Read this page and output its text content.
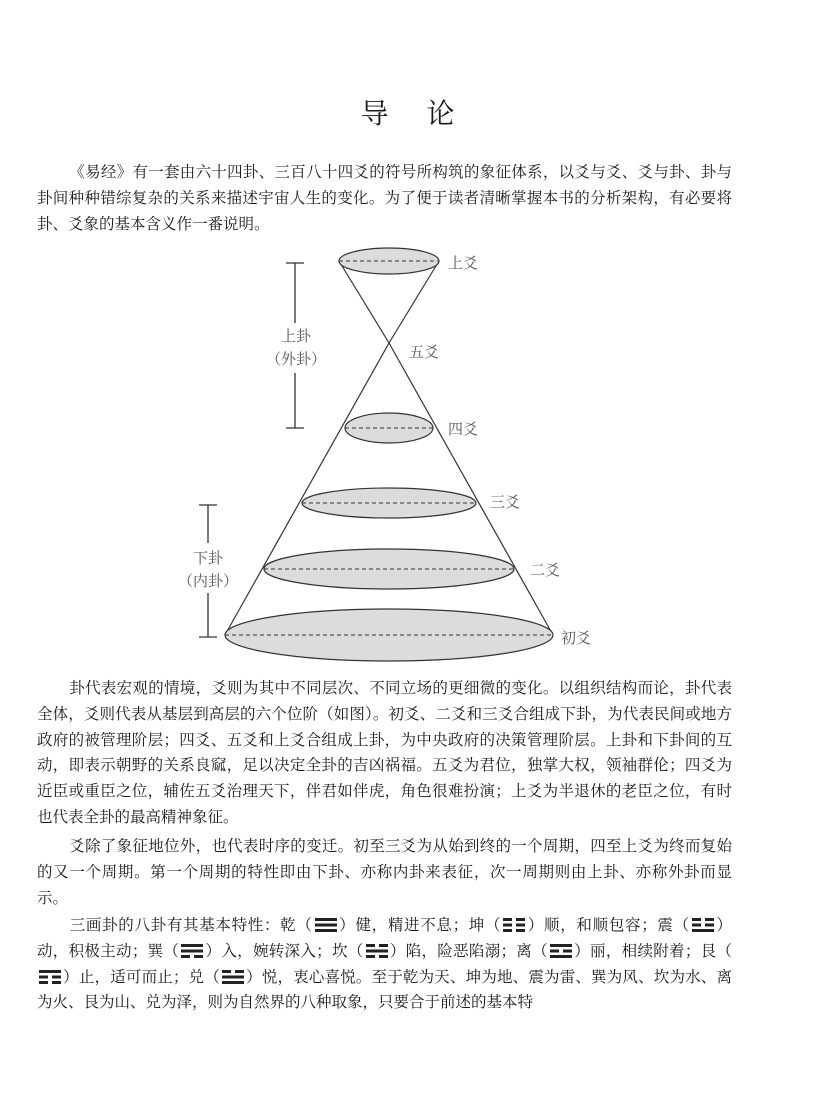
导 论

《易经》有一套由六十四卦、三百八十四爻的符号所构筑的象征体系，以爻与爻、爻与卦、卦与卦间种种错综复杂的关系来描述宇宙人生的变化。为了便于读者清晰掌握本书的分析架构，有必要将卦、爻象的基本含义作一番说明。

上卦
（外卦）
下卦
（内卦）
上爻
五爻
四爻
三爻
二爻
初爻

卦代表宏观的情境，爻则为其中不同层次、不同立场的更细微的变化。以组织结构而论，卦代表全体，爻则代表从基层到高层的六个位阶（如图）。初爻、二爻和三爻合组成下卦，为代表民间或地方政府的被管理阶层；四爻、五爻和上爻合组成上卦，为中央政府的决策管理阶层。上卦和下卦间的互动，即表示朝野的关系良窳，足以决定全卦的吉凶祸福。五爻为君位，独掌大权，领袖群伦；四爻为近臣或重臣之位，辅佐五爻治理天下，伴君如伴虎，角色很难扮演；上爻为半退休的老臣之位，有时也代表全卦的最高精神象征。

爻除了象征地位外，也代表时序的变迁。初至三爻为从始到终的一个周期，四至上爻为终而复始的又一个周期。第一个周期的特性即由下卦、亦称内卦来表征，次一周期则由上卦、亦称外卦而显示。

三画卦的八卦有其基本特性：乾（ ）健，精进不息；坤（ ）顺，和顺包容；震（ ）动，积极主动；巽（ ）入，婉转深入；坎（ ）陷，险恶陷溺；离（ ）丽，相续附着；艮（）止，适可而止；兑（ ）悦，衷心喜悦。至于乾为天、坤为地、震为雷、巽为风、坎为水、离为火、艮为山、兑为泽，则为自然界的八种取象，只要合于前述的基本特
